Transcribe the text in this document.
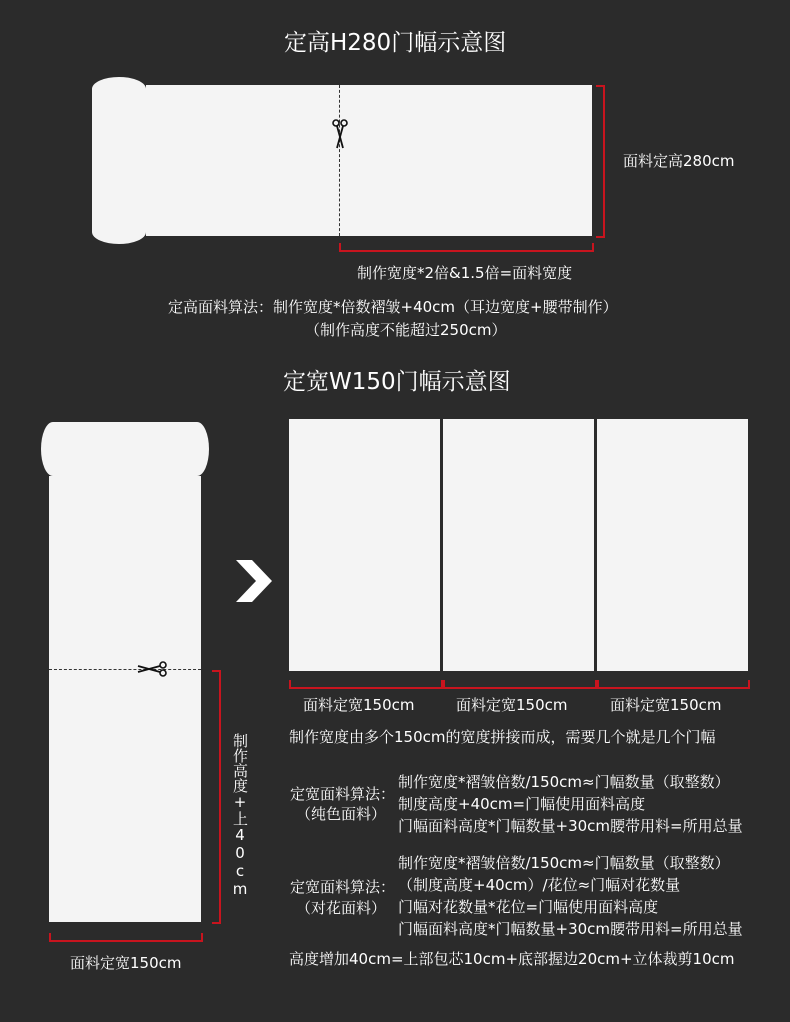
定高H280门幅示意图
面料定高280cm
制作宽度*2倍&1.5倍=面料宽度
定高面料算法：制作宽度*倍数褶皱+40cm（耳边宽度+腰带制作）
（制作高度不能超过250cm）
定宽W150门幅示意图
制作高度+上40cm
面料定宽150cm
面料定宽150cm	面料定宽150cm	面料定宽150cm
制作宽度由多个150cm的宽度拼接而成，需要几个就是几个门幅
定宽面料算法：
（纯色面料）
制作宽度*褶皱倍数/150cm≈门幅数量（取整数）
制度高度+40cm=门幅使用面料高度
门幅面料高度*门幅数量+30cm腰带用料=所用总量
定宽面料算法：
（对花面料）
制作宽度*褶皱倍数/150cm≈门幅数量（取整数）
（制度高度+40cm）/花位≈门幅对花数量
门幅对花数量*花位=门幅使用面料高度
门幅面料高度*门幅数量+30cm腰带用料=所用总量
高度增加40cm=上部包芯10cm+底部握边20cm+立体裁剪10cm
